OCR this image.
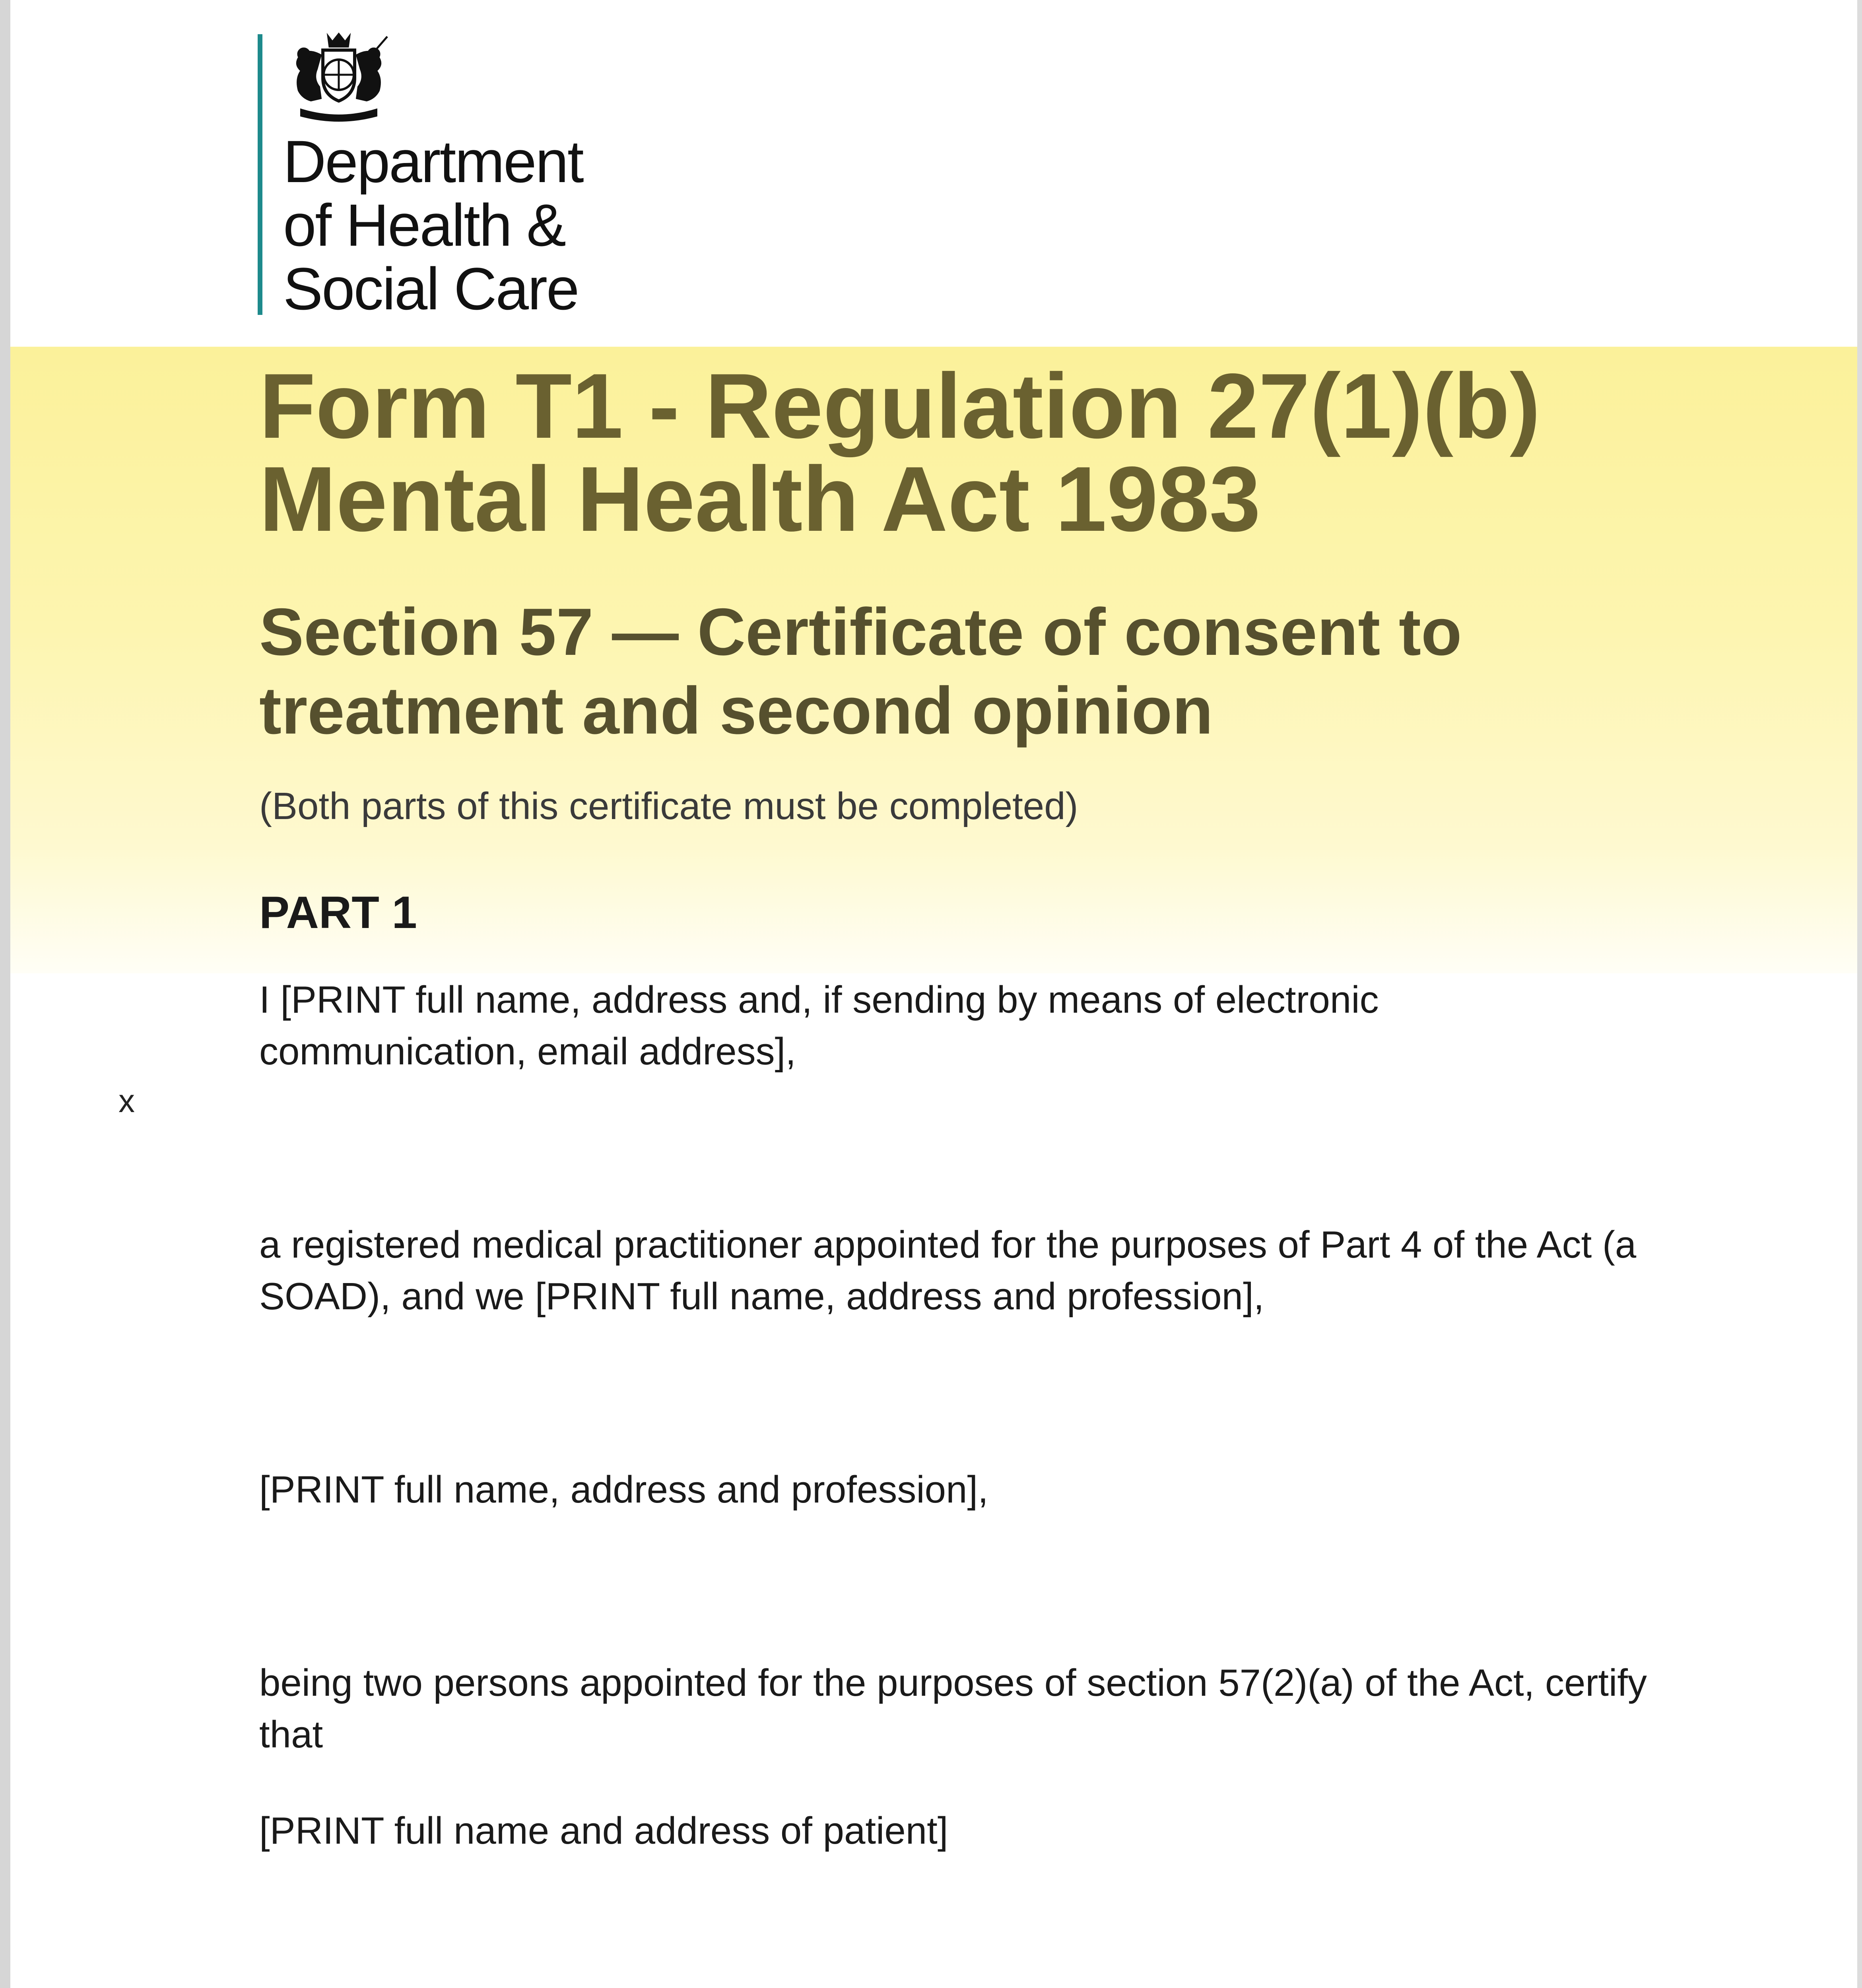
Department
of Health &
Social Care
Form T1 - Regulation 27(1)(b)
Mental Health Act 1983
Section 57 — Certificate of consent to
treatment and second opinion
(Both parts of this certificate must be completed)
PART 1
I [PRINT full name, address and, if sending by means of electronic
communication, email address],
x
a registered medical practitioner appointed for the purposes of Part 4 of the Act (a
SOAD), and we [PRINT full name, address and profession],
[PRINT full name, address and profession],
being two persons appointed for the purposes of section 57(2)(a) of the Act, certify
that
[PRINT full name and address of patient]
